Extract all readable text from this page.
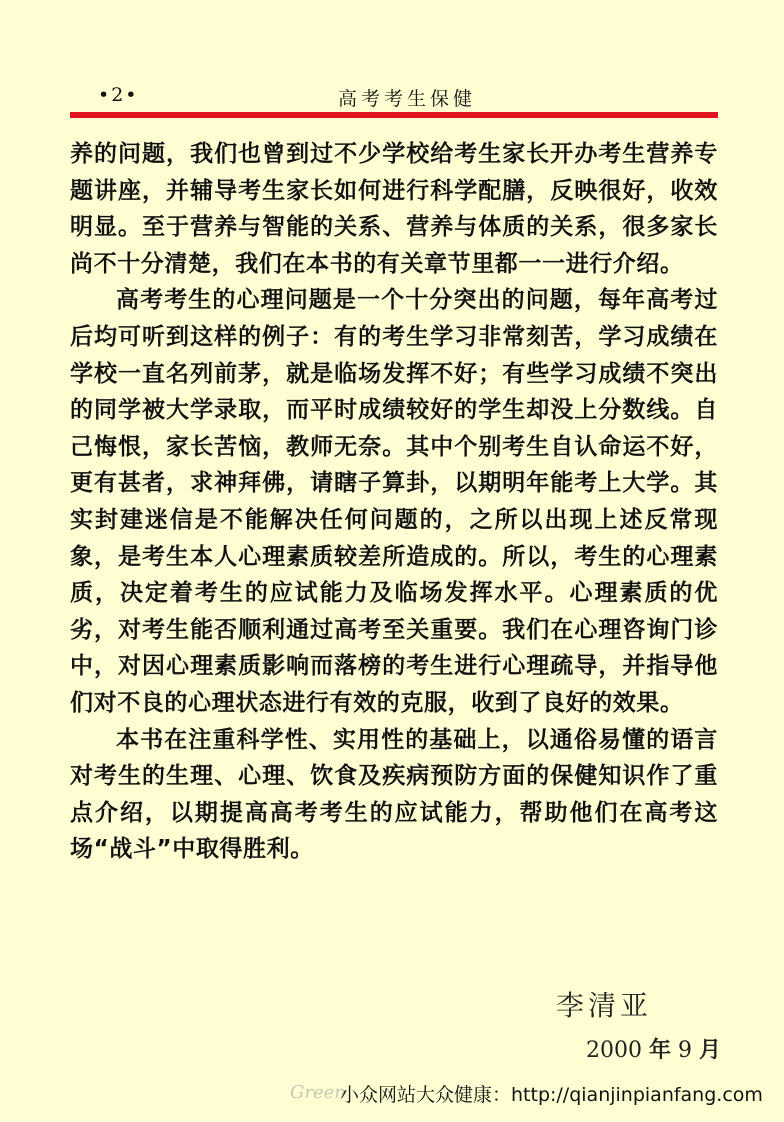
•2•	高考考生保健

养的问题，我们也曾到过不少学校给考生家长开办考生营养专题讲座，并辅导考生家长如何进行科学配膳，反映很好，收效明显。至于营养与智能的关系、营养与体质的关系，很多家长尚不十分清楚，我们在本书的有关章节里都一一进行介绍。

高考考生的心理问题是一个十分突出的问题，每年高考过后均可听到这样的例子：有的考生学习非常刻苦，学习成绩在学校一直名列前茅，就是临场发挥不好；有些学习成绩不突出的同学被大学录取，而平时成绩较好的学生却没上分数线。自己悔恨，家长苦恼，教师无奈。其中个别考生自认命运不好，更有甚者，求神拜佛，请瞎子算卦，以期明年能考上大学。其实封建迷信是不能解决任何问题的，之所以出现上述反常现象，是考生本人心理素质较差所造成的。所以，考生的心理素质，决定着考生的应试能力及临场发挥水平。心理素质的优劣，对考生能否顺利通过高考至关重要。我们在心理咨询门诊中，对因心理素质影响而落榜的考生进行心理疏导，并指导他们对不良的心理状态进行有效的克服，收到了良好的效果。

本书在注重科学性、实用性的基础上，以通俗易懂的语言对考生的生理、心理、饮食及疾病预防方面的保健知识作了重点介绍，以期提高高考考生的应试能力，帮助他们在高考这场“战斗”中取得胜利。

李清亚
2000 年 9 月
Green
小众网站大众健康：http://qianjinpianfang.com
